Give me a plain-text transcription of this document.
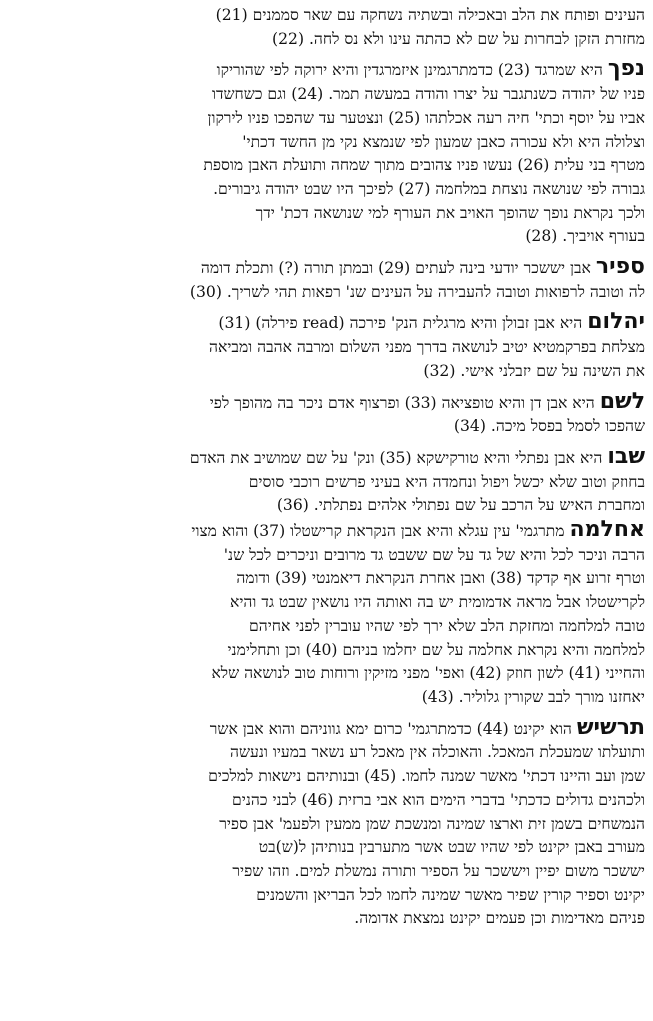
העינים ופותח את הלב ובאכילה ובשתיה נשחקה עם שאר סממנים (21)
מחזרת הזקן לבחרות על שם לא כהתה עינו ולא נס לחה. (22)
נפך היא שמרגד (23) כדמתרגמינן איזמרגדין והיא ירוקה לפי שהוריקו
פניו של יהודה כשנתגבר על יצרו והודה במעשה תמר. (24) וגם כשחשדו
אביו על יוסף וכתי' חיה רעה אכלתהו (25) ונצטער עד שהפכו פניו לירקון
וצלולה היא ולא עכורה כאבן שמעון לפי שנמצא נקי מן החשד דכתי'
מטרף בני עלית (26) נעשו פניו צהובים מתוך שמחה ותועלת האבן מוספת
גבורה לפי שנושאה נוצחת במלחמה (27) לפיכך היו שבט יהודה גיבורים.
ולכך נקראת נופך שהופך האויב את העורף למי שנושאה דכת' ידך
בעורף אויביך. (28)
ספיר אבן יששכר יודעי בינה לעתים (29) ובמתן תורה (?) ותכלת דומה
לה וטובה לרפואות וטובה להעבירה על העינים שנ' רפאות תהי לשריך. (30)
יהלום היא אבן זבולן והיא מרגלית הנק' פירכה (read פירלה) (31)
מצלחת בפרקמטיא יטיב לנושאה בדרך מפני השלום ומרבה אהבה ומביאה
את השינה על שם יזבלני אישי. (32)
לשם היא אבן דן והיא טופציאה (33) ופרצוף אדם ניכר בה מהופך לפי
שהפכו לסמל בפסל מיכה. (34)
שבו היא אבן נפתלי והיא טורקישקא (35) ונק' על שם שמושיב את האדם
בחוזק וטוב שלא יכשל ויפול ונחמדה היא בעיני פרשים רוכבי סוסים
ומחברת האיש על הרכב על שם נפתולי אלהים נפתלתי. (36)
אחלמה מתרגמי' עין עגלא והיא אבן הנקראת קרישטלו (37) והוא מצוי
הרבה וניכר לכל והיא של גד על שם ששבט גד מרובים וניכרים לכל שנ'
וטרף זרוע אף קדקד (38) ואבן אחרת הנקראת דיאמנטי (39) ודומה
לקרישטלו אבל מראה אדמומית יש בה ואותה היו נושאין שבט גד והיא
טובה למלחמה ומחזקת הלב שלא ירך לפי שהיו עוברין לפני אחיהם
למלחמה והיא נקראת אחלמה על שם יחלמו בניהם (40) וכן ותחלימני
והחייני (41) לשון חוזק (42) ואפי' מפני מזיקין ורוחות טוב לנושאה שלא
יאחזנו מורך לבב שקורין גלוליר. (43)
תרשיש הוא יקינט (44) כדמתרגמי' כרום ימא גווניהם והוא אבן אשר
ותועלתו שמעכלת המאכל. והאוכלה אין מאכל רע נשאר במעיו ונעשה
שמן ועב והיינו דכתי' מאשר שמנה לחמו. (45) ובנותיהם נישאות למלכים
ולכהנים גדולים כדכתי' בדברי הימים הוא אבי ברזית (46) לבני כהנים
הנמשחים בשמן זית וארצו שמינה ומנשכת שמן ממעין ולפעמ' אבן ספיר
מעורב באבן יקינט לפי שהיו שבט אשר מתערבין בנותיהן ל(ש)בט
יששכר משום יפיין ויששכר על הספיר ותורה נמשלת למים. וזהו שפיר
יקינט וספיר קורין שפיר מאשר שמינה לחמו לכל הבריאן והשמנים
פניהם מאדימות וכן פעמים יקינט נמצאת אדומה.
